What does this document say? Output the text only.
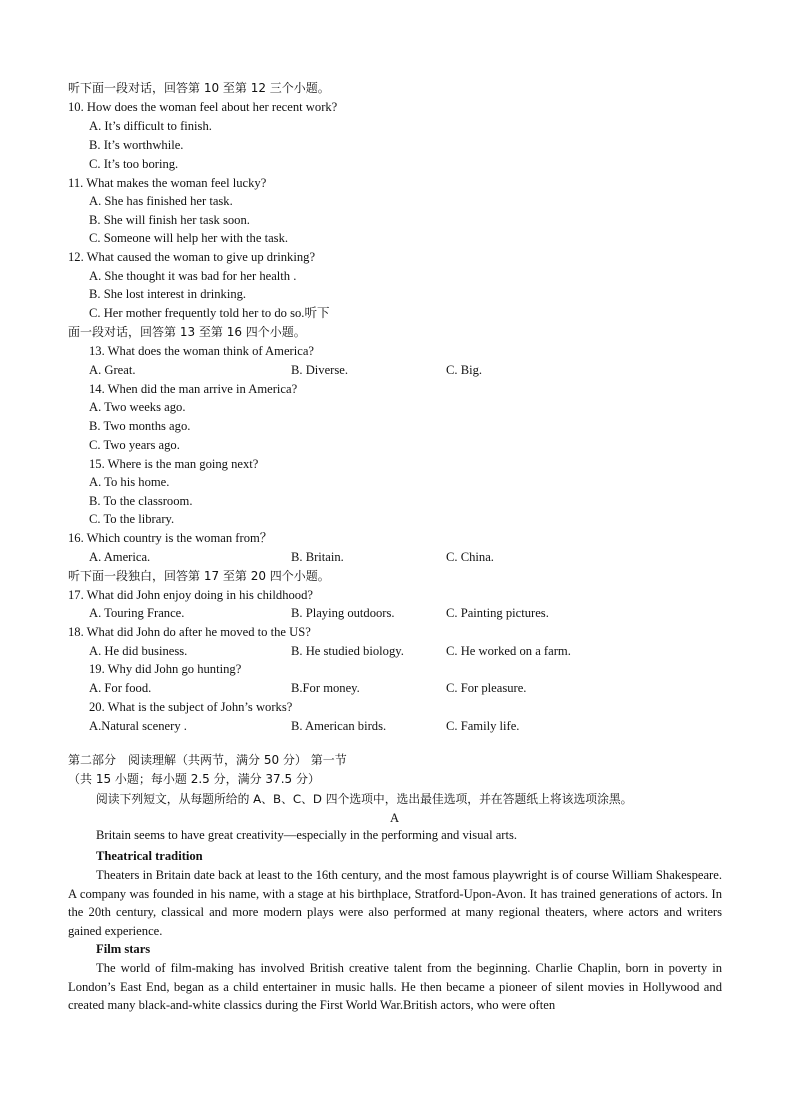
听下面一段对话，回答第 10 至第 12 三个小题。
10. How does the woman feel about her recent work?
A. It’s difficult to finish.
B. It’s worthwhile.
C. It’s too boring.
11. What makes the woman feel lucky?
A. She has finished her task.
B. She will finish her task soon.
C. Someone will help her with the task.
12. What caused the woman to give up drinking?
A. She thought it was bad for her health .
B. She lost interest in drinking.
C. Her mother frequently told her to do so.听下
面一段对话，回答第 13 至第 16 四个小题。
13. What does the woman think of America?
A. Great.	B. Diverse.	C. Big.
14. When did the man arrive in America?
A. Two weeks ago.
B. Two months ago.
C. Two years ago.
15. Where is the man going next?
A. To his home.
B. To the classroom.
C. To the library.
16. Which country is the woman from？
A. America.	B. Britain.	C. China.
听下面一段独白，回答第 17 至第 20 四个小题。
17. What did John enjoy doing in his childhood?
A. Touring France.	B. Playing outdoors.	C. Painting pictures.
18. What did John do after he moved to the US?
A. He did business.	B. He studied biology.	C. He worked on a farm.
19. Why did John go hunting?
A. For food.	B.For money.	C. For pleasure.
20. What is the subject of John’s works?
A.Natural scenery .	B. American birds.	C. Family life.
第二部分　阅读理解（共两节，满分 50 分） 第一节
（共 15 小题；每小题 2.5 分，满分 37.5 分）
阅读下列短文，从每题所给的 A、B、C、D 四个选项中，选出最佳选项，并在答题纸上将该选项涂黑。
A
Britain seems to have great creativity—especially in the performing and visual arts.
Theatrical tradition

Theaters in Britain date back at least to the 16th century, and the most famous playwright is of course William Shakespeare. A company was founded in his name, with a stage at his birthplace, Stratford-Upon-Avon. It has trained generations of actors. In the 20th century, classical and more modern plays were also performed at many regional theaters, where actors and writers gained experience.

Film stars

The world of film-making has involved British creative talent from the beginning. Charlie Chaplin, born in poverty in London’s East End, began as a child entertainer in music halls. He then became a pioneer of silent movies in Hollywood and created many black-and-white classics during the First World War.British actors, who were often
